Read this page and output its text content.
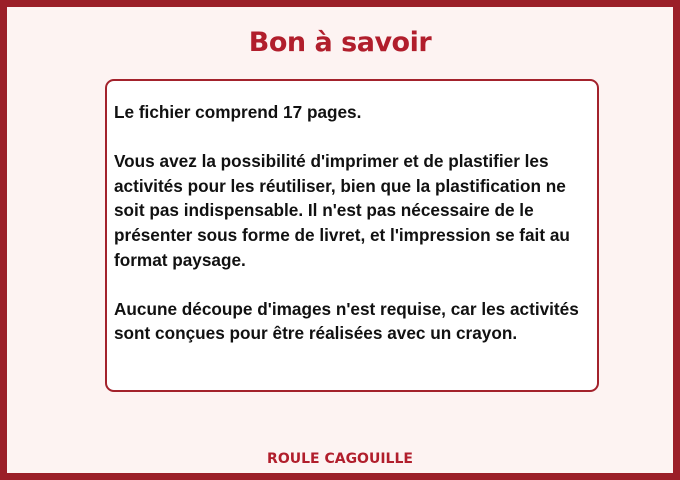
Bon à savoir

Le fichier comprend 17 pages.

Vous avez la possibilité d'imprimer et de plastifier les activités pour les réutiliser, bien que la plastification ne soit pas indispensable. Il n'est pas nécessaire de le présenter sous forme de livret, et l'impression se fait au format paysage.

Aucune découpe d'images n'est requise, car les activités sont conçues pour être réalisées avec un crayon.

ROULE CAGOUILLE
